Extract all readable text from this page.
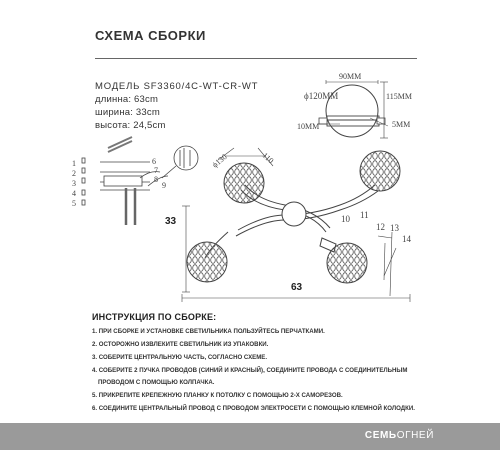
СХЕМА СБОРКИ
МОДЕЛЬ SF3360/4C-WT-CR-WT
длинна: 63cm
ширина: 33cm
высота: 24,5cm
90MM
ϕ120MM	115MM
5MM
10MM
ϕ130	110
33
63
1
2
3
4
5
6
7
8
9
10 11
12 13
14
ИНСТРУКЦИЯ ПО СБОРКЕ:
1. ПРИ СБОРКЕ И УСТАНОВКЕ СВЕТИЛЬНИКА ПОЛЬЗУЙТЕСЬ ПЕРЧАТКАМИ.
2. ОСТОРОЖНО ИЗВЛЕКИТЕ СВЕТИЛЬНИК ИЗ УПАКОВКИ.
3. СОБЕРИТЕ ЦЕНТРАЛЬНУЮ ЧАСТЬ, СОГЛАСНО СХЕМЕ.
4. СОБЕРИТЕ 2 ПУЧКА ПРОВОДОВ (СИНИЙ И КРАСНЫЙ), СОЕДИНИТЕ ПРОВОДА С СОЕДИНИТЕЛЬНЫМ
ПРОВОДОМ С ПОМОЩЬЮ КОЛПАЧКА.
5. ПРИКРЕПИТЕ КРЕПЕЖНУЮ ПЛАНКУ К ПОТОЛКУ С ПОМОЩЬЮ 2-Х САМОРЕЗОВ.
6. СОЕДИНИТЕ ЦЕНТРАЛЬНЫЙ ПРОВОД С ПРОВОДОМ ЭЛЕКТРОСЕТИ С ПОМОЩЬЮ КЛЕМНОЙ КОЛОДКИ.
СЕМЬОГНЕЙ
